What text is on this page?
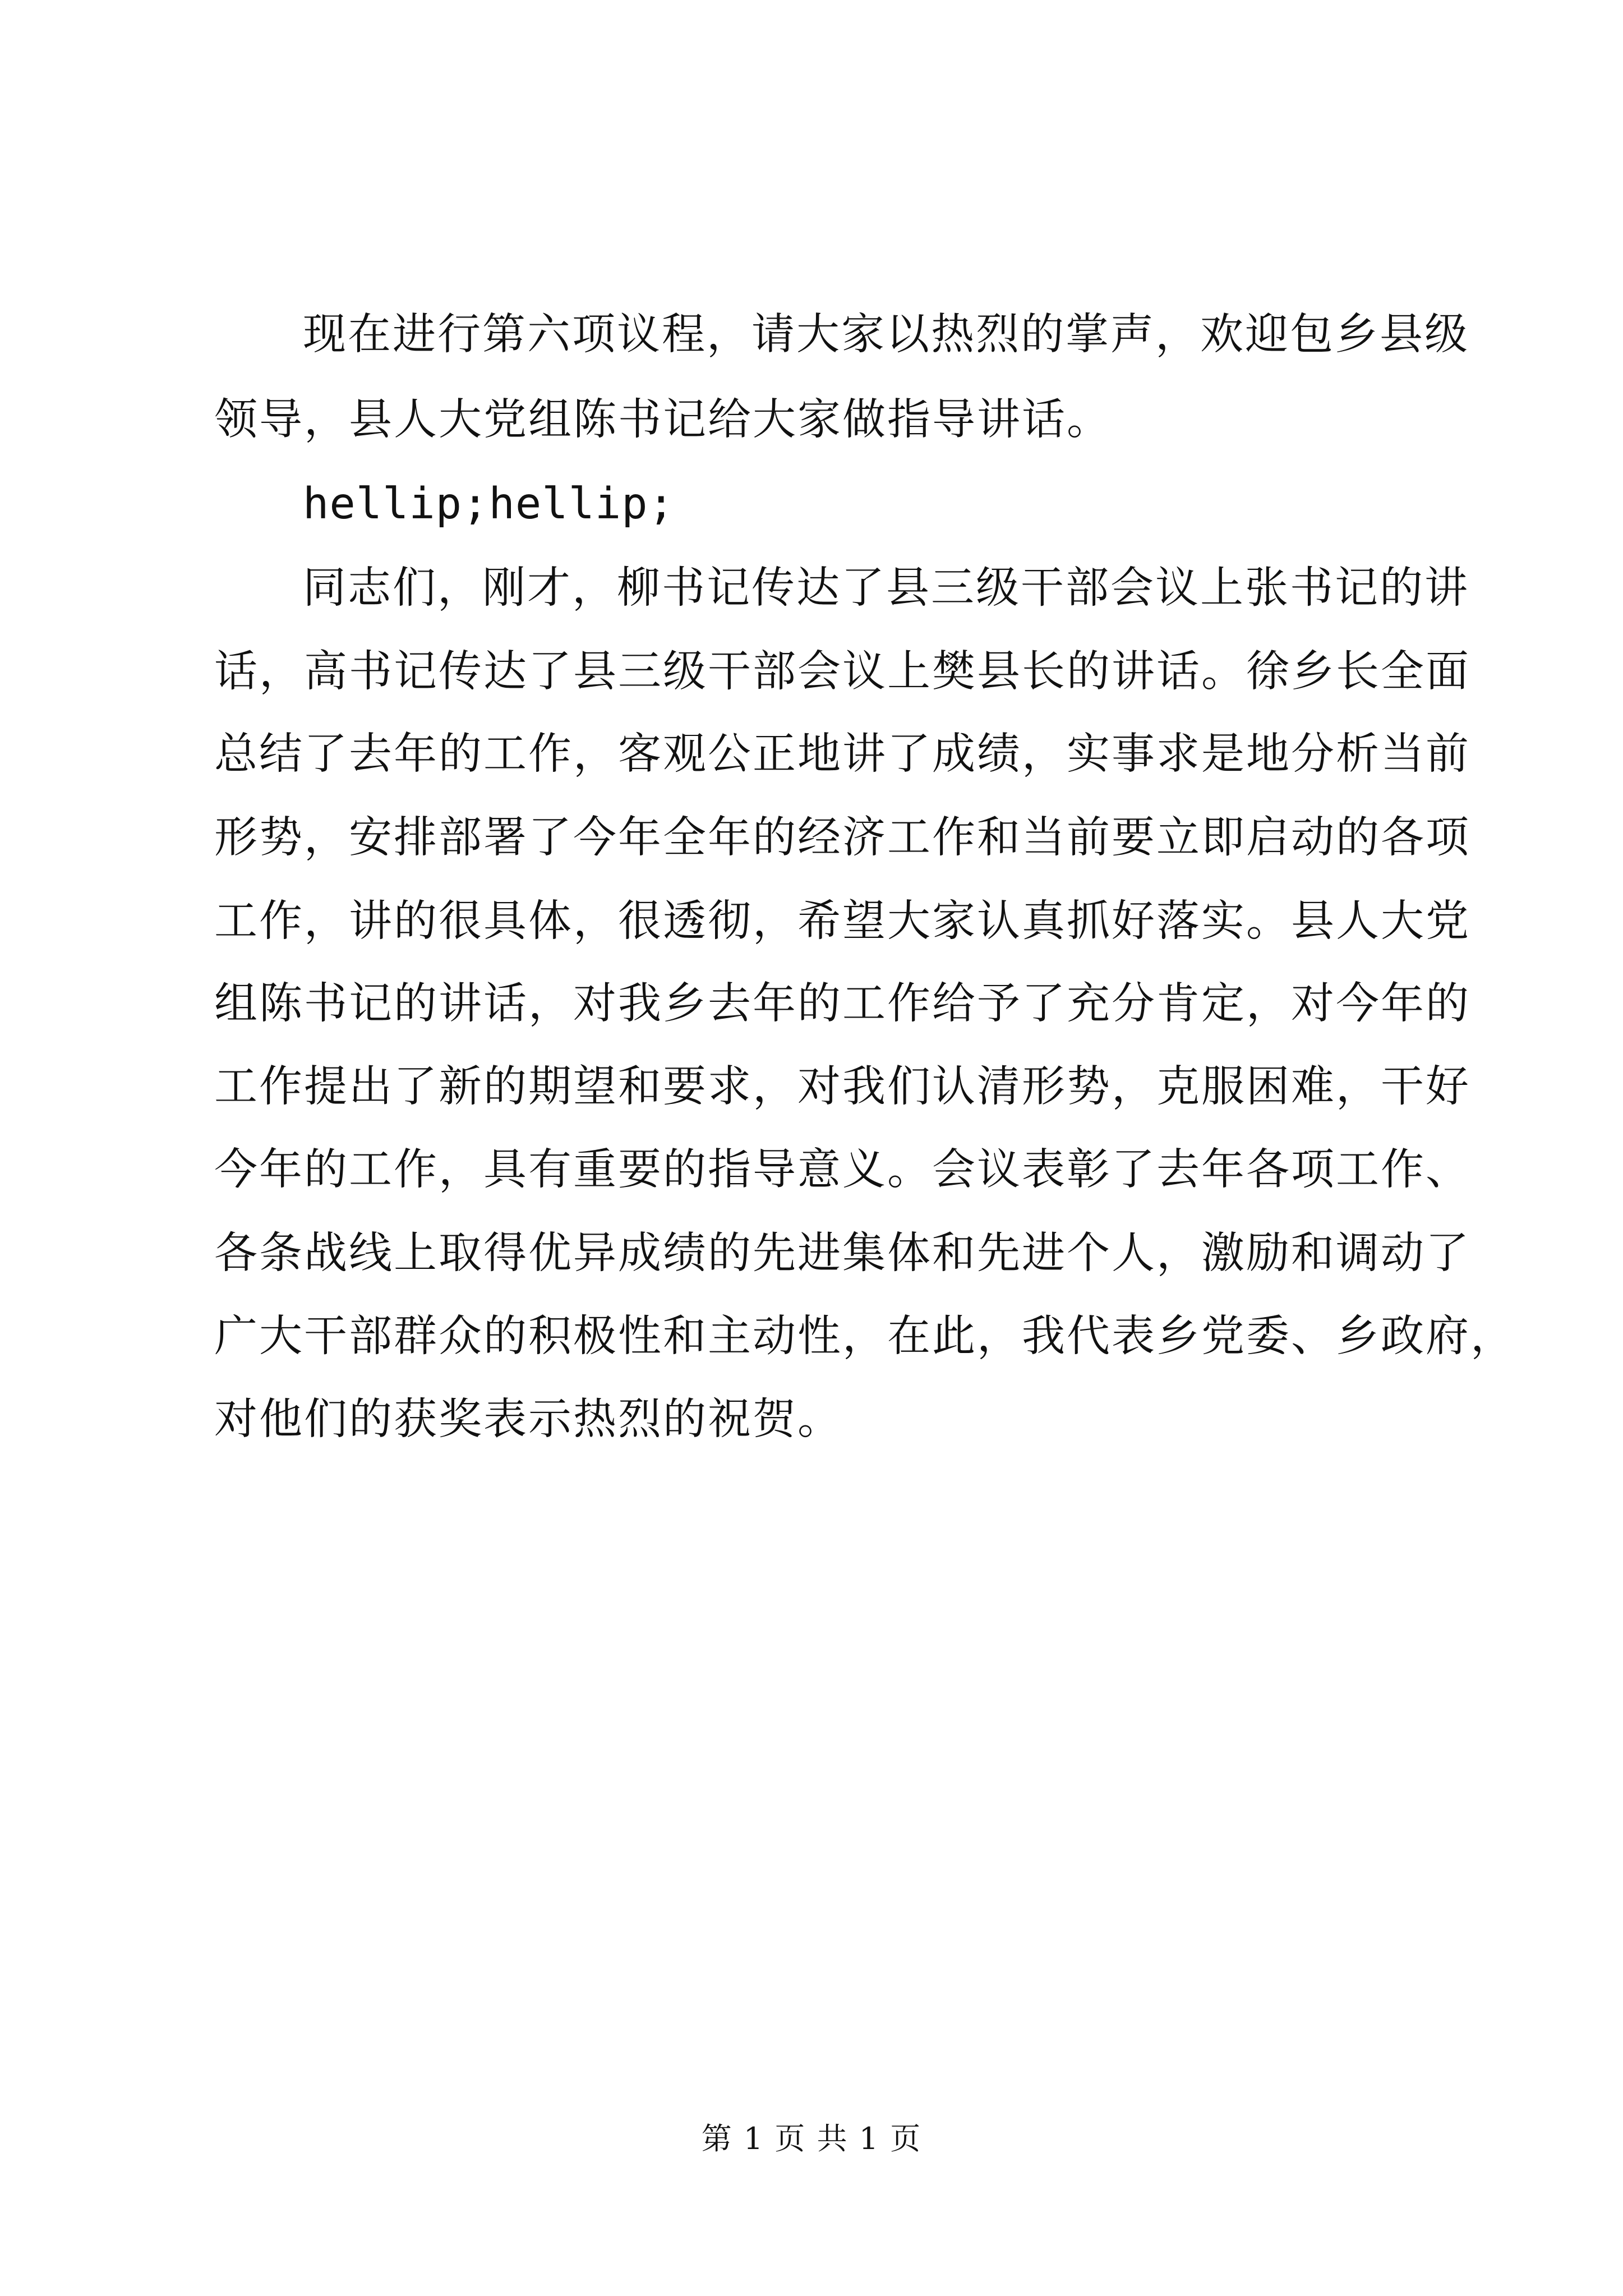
现在进行第六项议程，请大家以热烈的掌声，欢迎包乡县级

领导，县人大党组陈书记给大家做指导讲话。

hellip;hellip;

同志们，刚才，柳书记传达了县三级干部会议上张书记的讲

话，高书记传达了县三级干部会议上樊县长的讲话。徐乡长全面

总结了去年的工作，客观公正地讲了成绩，实事求是地分析当前

形势，安排部署了今年全年的经济工作和当前要立即启动的各项

工作，讲的很具体，很透彻，希望大家认真抓好落实。县人大党

组陈书记的讲话，对我乡去年的工作给予了充分肯定，对今年的

工作提出了新的期望和要求，对我们认清形势，克服困难，干好

今年的工作，具有重要的指导意义。会议表彰了去年各项工作、

各条战线上取得优异成绩的先进集体和先进个人，激励和调动了

广大干部群众的积极性和主动性，在此，我代表乡党委、乡政府，

对他们的获奖表示热烈的祝贺。

第 1 页 共 1 页
